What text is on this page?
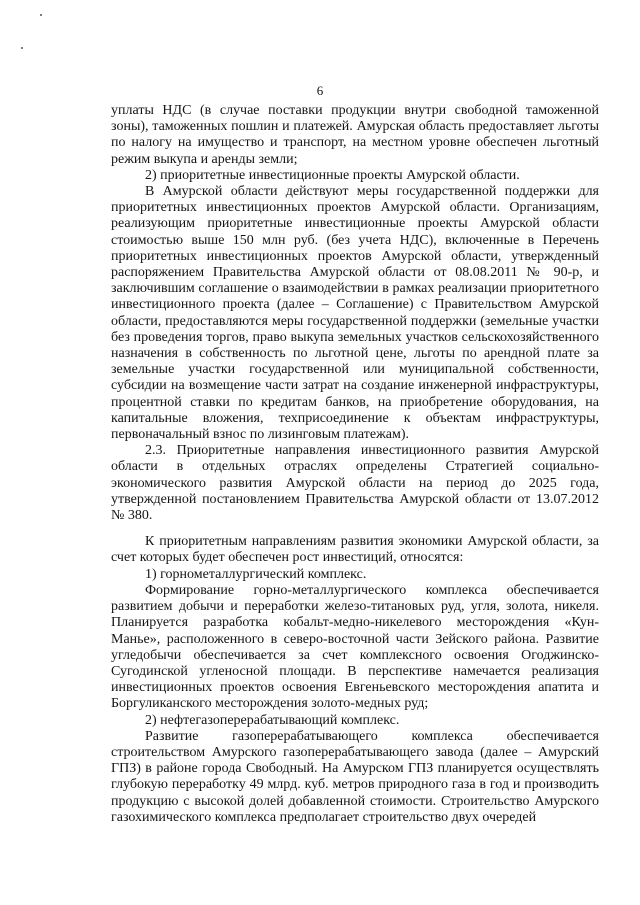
6

уплаты НДС (в случае поставки продукции внутри свободной таможенной зоны), таможенных пошлин и платежей. Амурская область предоставляет льготы по налогу на имущество и транспорт, на местном уровне обеспечен льготный режим выкупа и аренды земли;

2) приоритетные инвестиционные проекты Амурской области.

В Амурской области действуют меры государственной поддержки для приоритетных инвестиционных проектов Амурской области. Организациям, реализующим приоритетные инвестиционные проекты Амурской области стоимостью выше 150 млн руб. (без учета НДС), включенные в Перечень приоритетных инвестиционных проектов Амурской области, утвержденный распоряжением Правительства Амурской области от 08.08.2011 № 90-р, и заключившим соглашение о взаимодействии в рамках реализации приоритетного инвестиционного проекта (далее – Соглашение) с Правительством Амурской области, предоставляются меры государственной поддержки (земельные участки без проведения торгов, право выкупа земельных участков сельскохозяйственного назначения в собственность по льготной цене, льготы по арендной плате за земельные участки государственной или муниципальной собственности, субсидии на возмещение части затрат на создание инженерной инфраструктуры, процентной ставки по кредитам банков, на приобретение оборудования, на капитальные вложения, техприсоединение к объектам инфраструктуры, первоначальный взнос по лизинговым платежам).

2.3. Приоритетные направления инвестиционного развития Амурской области в отдельных отраслях определены Стратегией социально-экономического развития Амурской области на период до 2025 года, утвержденной постановлением Правительства Амурской области от 13.07.2012 № 380.

К приоритетным направлениям развития экономики Амурской области, за счет которых будет обеспечен рост инвестиций, относятся:

1) горнометаллургический комплекс.

Формирование горно-металлургического комплекса обеспечивается развитием добычи и переработки железо-титановых руд, угля, золота, никеля. Планируется разработка кобальт-медно-никелевого месторождения «Кун-Манье», расположенного в северо-восточной части Зейского района. Развитие угледобычи обеспечивается за счет комплексного освоения Огоджинско-Сугодинской угленосной площади. В перспективе намечается реализация инвестиционных проектов освоения Евгеньевского месторождения апатита и Боргуликанского месторождения золото-медных руд;

2) нефтегазоперерабатывающий комплекс.

Развитие газоперерабатывающего комплекса обеспечивается строительством Амурского газоперерабатывающего завода (далее – Амурский ГПЗ) в районе города Свободный. На Амурском ГПЗ планируется осуществлять глубокую переработку 49 млрд. куб. метров природного газа в год и производить продукцию с высокой долей добавленной стоимости. Строительство Амурского газохимического комплекса предполагает строительство двух очередей
